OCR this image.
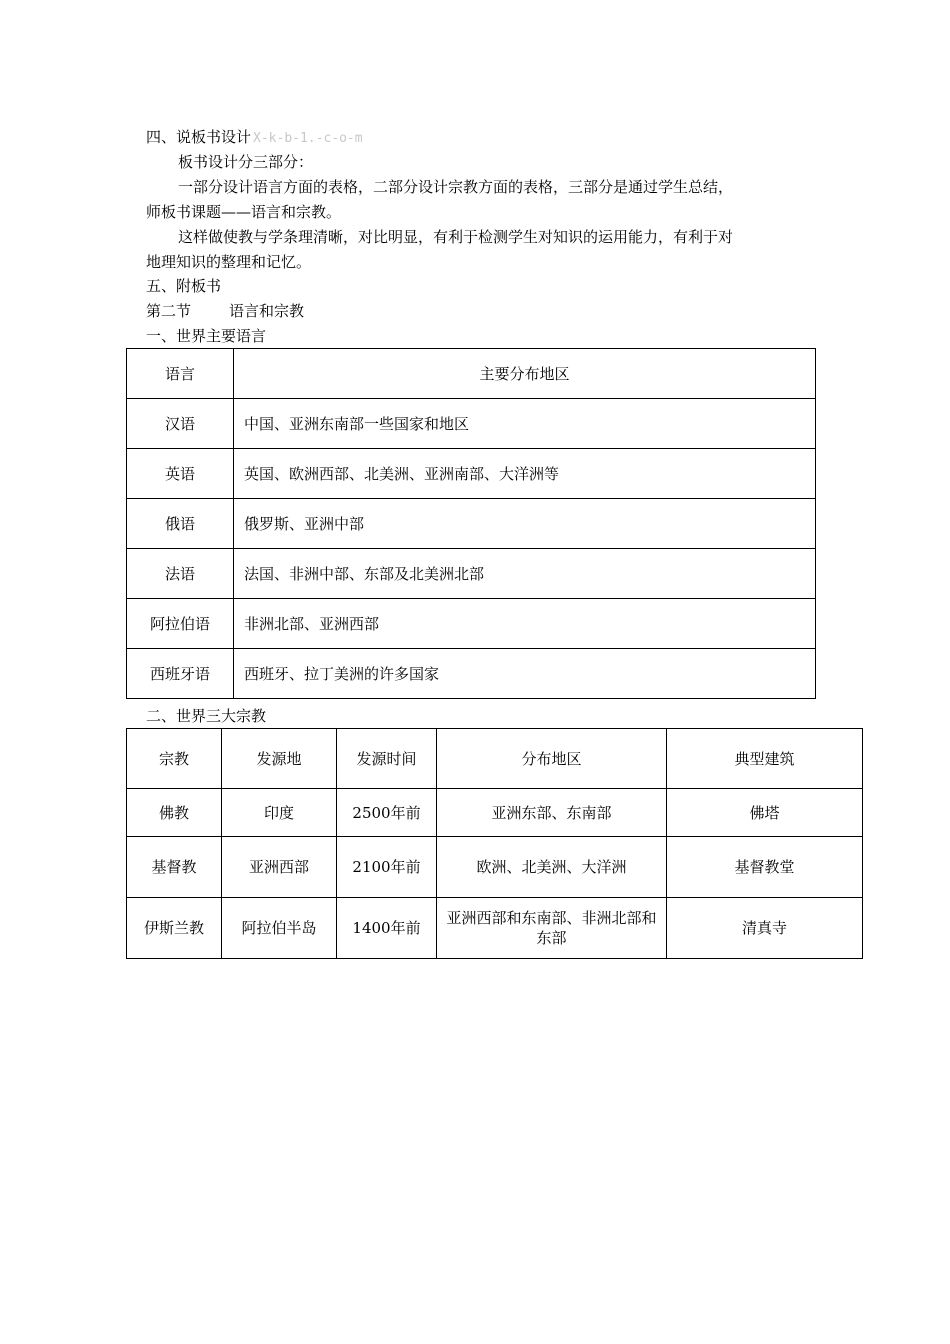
四、说板书设计 X-k-b-1.-c-o-m
板书设计分三部分：
一部分设计语言方面的表格，二部分设计宗教方面的表格，三部分是通过学生总结，
师板书课题——语言和宗教。
这样做使教与学条理清晰，对比明显，有利于检测学生对知识的运用能力，有利于对
地理知识的整理和记忆。
五、附板书
第二节	语言和宗教
一、世界主要语言
语言	主要分布地区
汉语	中国、亚洲东南部一些国家和地区
英语	英国、欧洲西部、北美洲、亚洲南部、大洋洲等
俄语	俄罗斯、亚洲中部
法语	法国、非洲中部、东部及北美洲北部
阿拉伯语	非洲北部、亚洲西部
西班牙语	西班牙、拉丁美洲的许多国家
二、世界三大宗教
宗教	发源地	发源时间	分布地区	典型建筑
佛教	印度	2500年前	亚洲东部、东南部	佛塔
基督教	亚洲西部	2100年前	欧洲、北美洲、大洋洲	基督教堂
伊斯兰教	阿拉伯半岛	1400年前	亚洲西部和东南部、非洲北部和东部	清真寺
